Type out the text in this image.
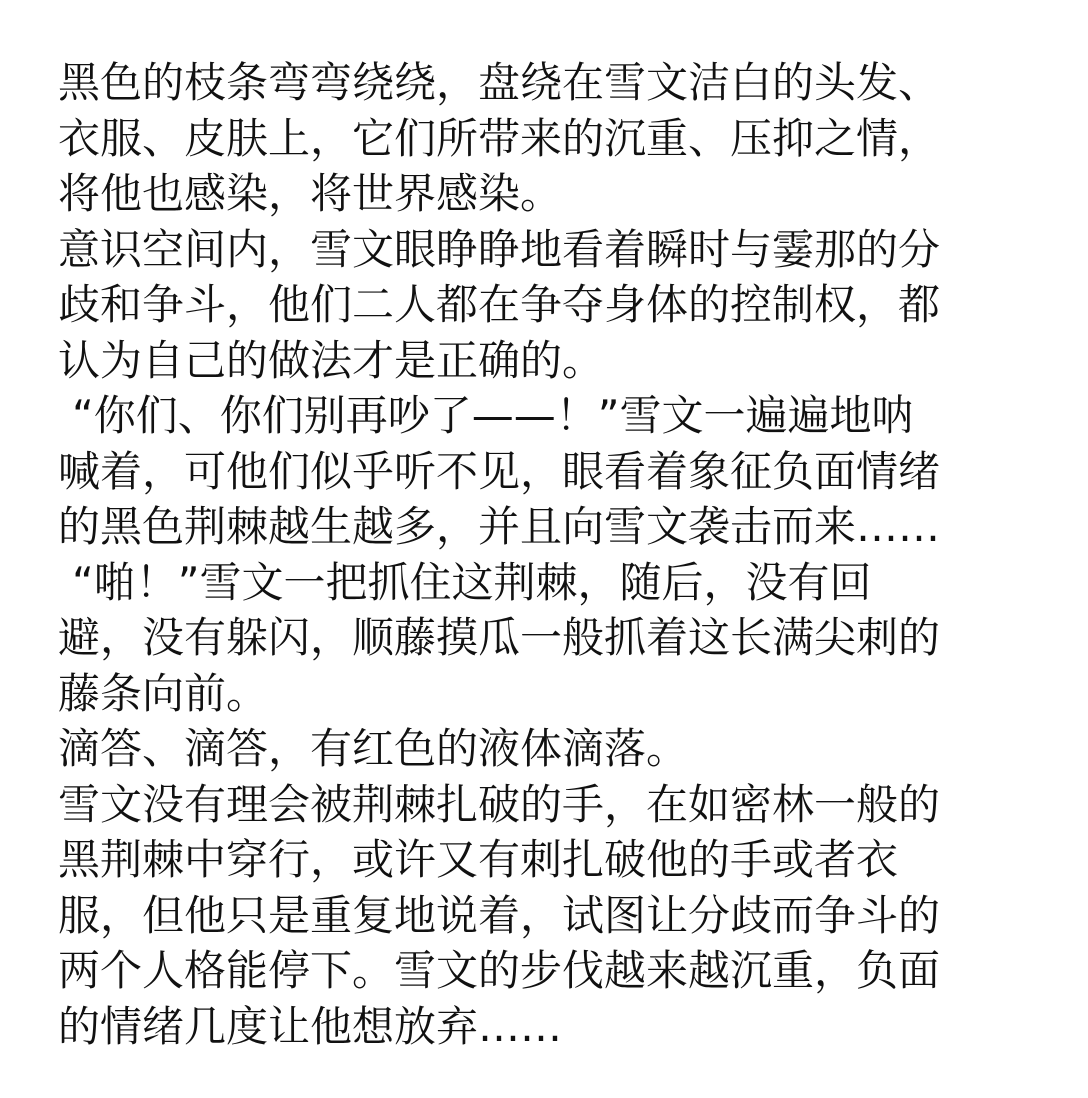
黑色的枝条弯弯绕绕，盘绕在雪文洁白的头发、
衣服、皮肤上，它们所带来的沉重、压抑之情，
将他也感染，将世界感染。
意识空间内，雪文眼睁睁地看着瞬时与霎那的分
歧和争斗，他们二人都在争夺身体的控制权，都
认为自己的做法才是正确的。
“你们、你们别再吵了——！”雪文一遍遍地呐
喊着，可他们似乎听不见，眼看着象征负面情绪
的黑色荆棘越生越多，并且向雪文袭击而来……
“啪！”雪文一把抓住这荆棘，随后，没有回
避，没有躲闪，顺藤摸瓜一般抓着这长满尖刺的
藤条向前。
滴答、滴答，有红色的液体滴落。
雪文没有理会被荆棘扎破的手，在如密林一般的
黑荆棘中穿行，或许又有刺扎破他的手或者衣
服，但他只是重复地说着，试图让分歧而争斗的
两个人格能停下。雪文的步伐越来越沉重，负面
的情绪几度让他想放弃……
